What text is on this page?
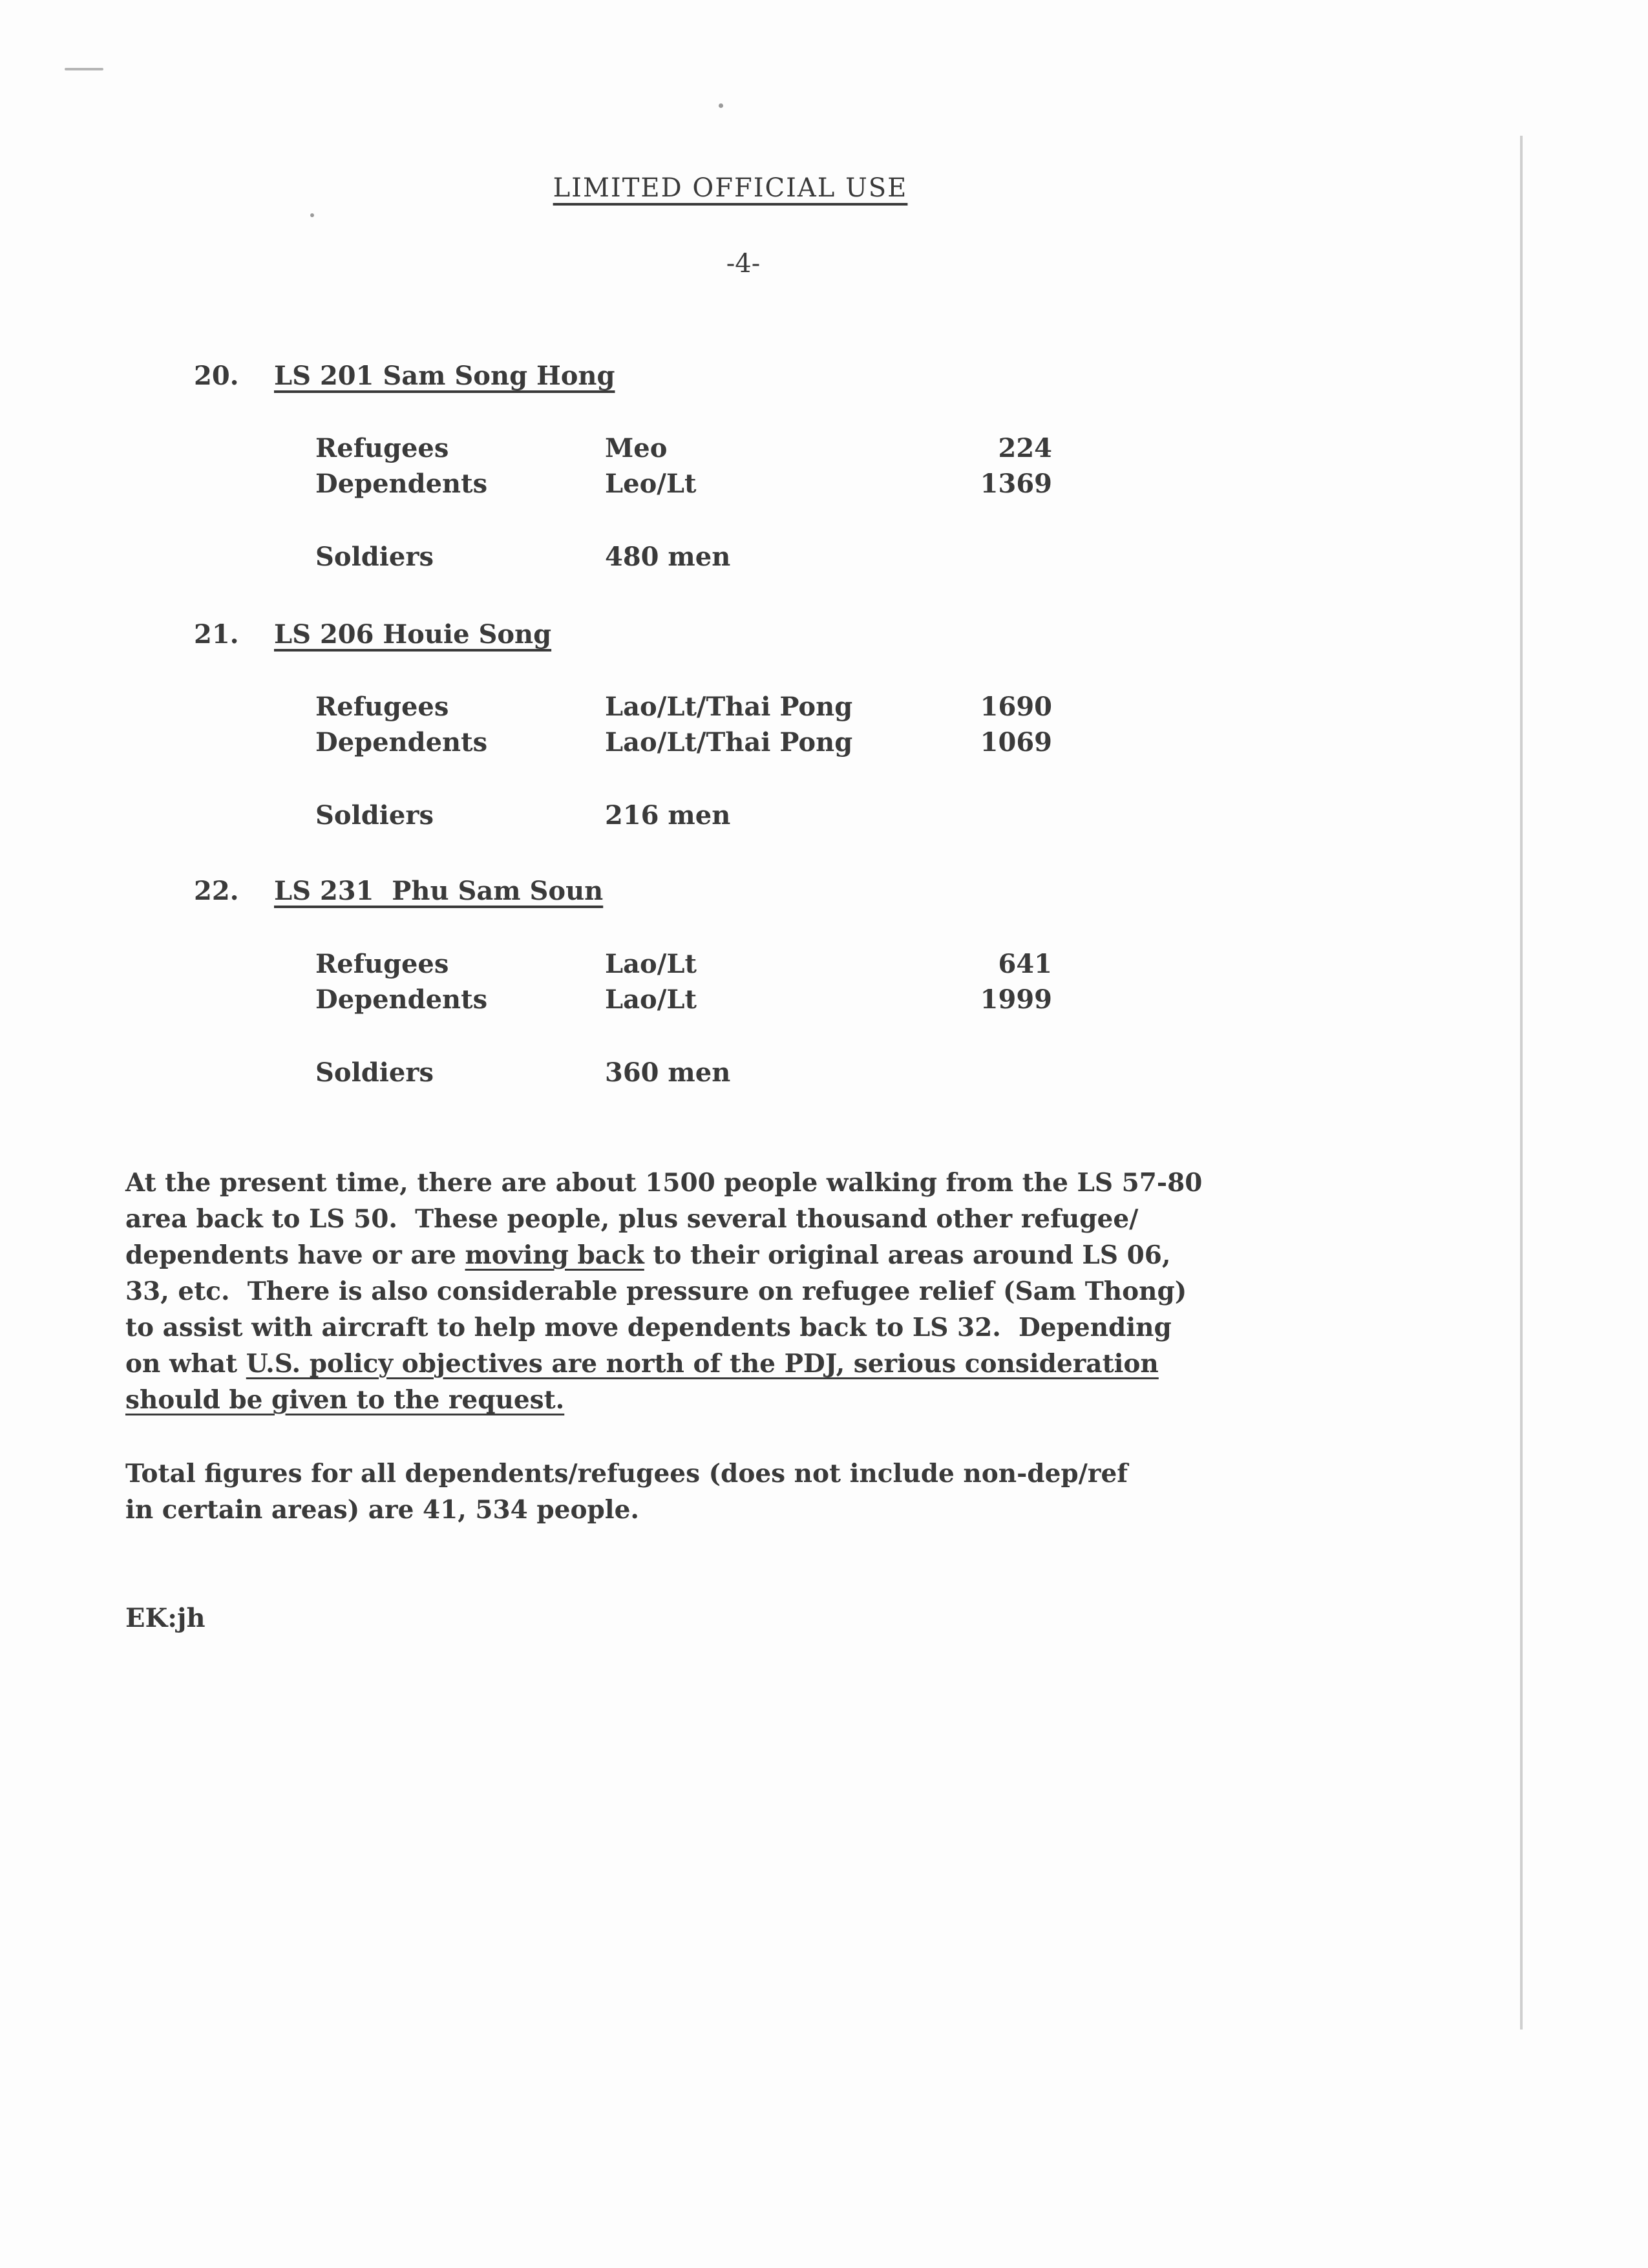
LIMITED OFFICIAL USE
-4-
20. LS 201 Sam Song Hong
Refugees	Meo	224
Dependents	Leo/Lt	1369
Soldiers	480 men
21. LS 206 Houie Song
Refugees	Lao/Lt/Thai Pong	1690
Dependents	Lao/Lt/Thai Pong	1069
Soldiers	216 men
22. LS 231  Phu Sam Soun
Refugees	Lao/Lt	641
Dependents	Lao/Lt	1999
Soldiers	360 men
At the present time, there are about 1500 people walking from the LS 57-80
area back to LS 50.  These people, plus several thousand other refugee/
dependents have or are moving back to their original areas around LS 06,
33, etc.  There is also considerable pressure on refugee relief (Sam Thong)
to assist with aircraft to help move dependents back to LS 32.  Depending
on what U.S. policy objectives are north of the PDJ, serious consideration
should be given to the request.
Total figures for all dependents/refugees (does not include non-dep/ref
in certain areas) are 41, 534 people.
EK:jh
